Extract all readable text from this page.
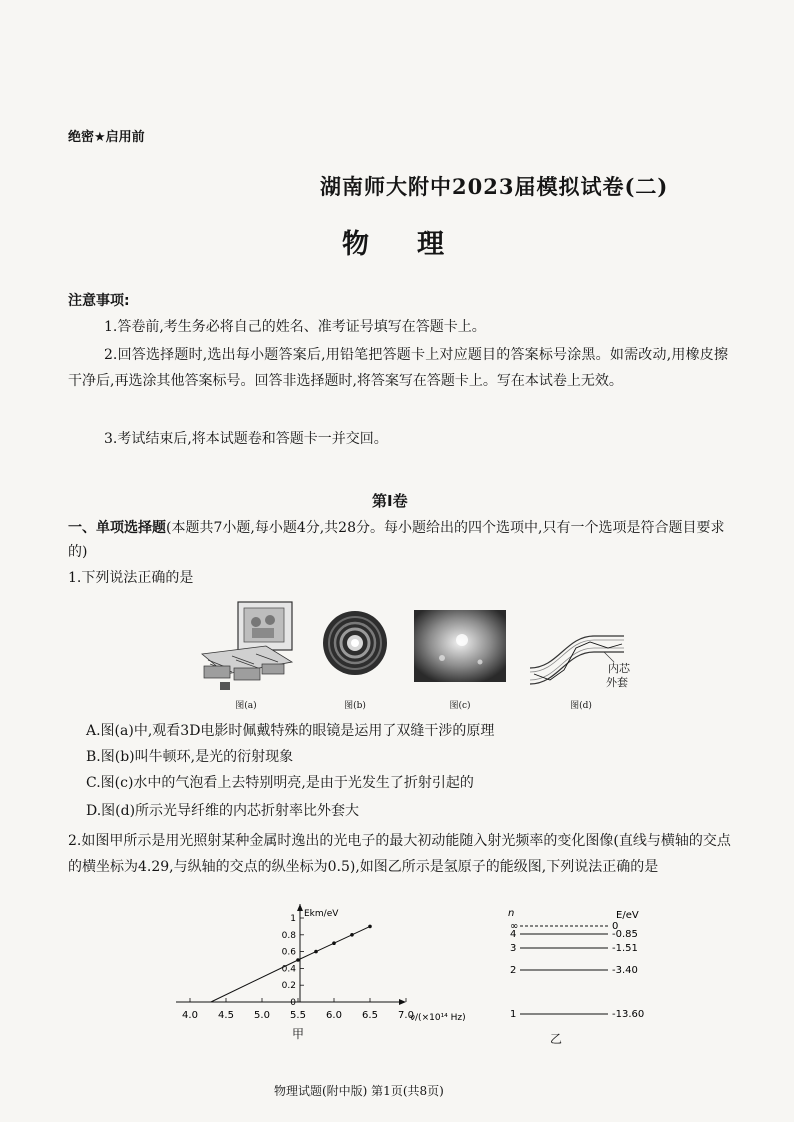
绝密★启用前
湖南师大附中2023届模拟试卷(二)
物理
注意事项:
1.答卷前,考生务必将自己的姓名、准考证号填写在答题卡上。
2.回答选择题时,选出每小题答案后,用铅笔把答题卡上对应题目的答案标号涂黑。如需改动,用橡皮擦干净后,再选涂其他答案标号。回答非选择题时,将答案写在答题卡上。写在本试卷上无效。
3.考试结束后,将本试题卷和答题卡一并交回。
第Ⅰ卷
一、单项选择题(本题共7小题,每小题4分,共28分。每小题给出的四个选项中,只有一个选项是符合题目要求的)
1.下列说法正确的是
图(a)	图(b)	图(c)
内芯
外套
图(d)
A.图(a)中,观看3D电影时佩戴特殊的眼镜是运用了双缝干涉的原理
B.图(b)叫牛顿环,是光的衍射现象
C.图(c)水中的气泡看上去特别明亮,是由于光发生了折射引起的
D.图(d)所示光导纤维的内芯折射率比外套大
2.如图甲所示是用光照射某种金属时逸出的光电子的最大初动能随入射光频率的变化图像(直线与横轴的交点的横坐标为4.29,与纵轴的交点的纵坐标为0.5),如图乙所示是氢原子的能级图,下列说法正确的是
Ekm/eV
ν/(×10¹⁴ Hz)
4.0 4.5 5.0 5.5 6.0 6.5 7.0
0
0.2
0.4
0.6
0.8
1
甲
n	E/eV
∞	0
4	-0.85
3	-1.51
2	-3.40
1	-13.60
乙
物理试题(附中版) 第1页(共8页)
